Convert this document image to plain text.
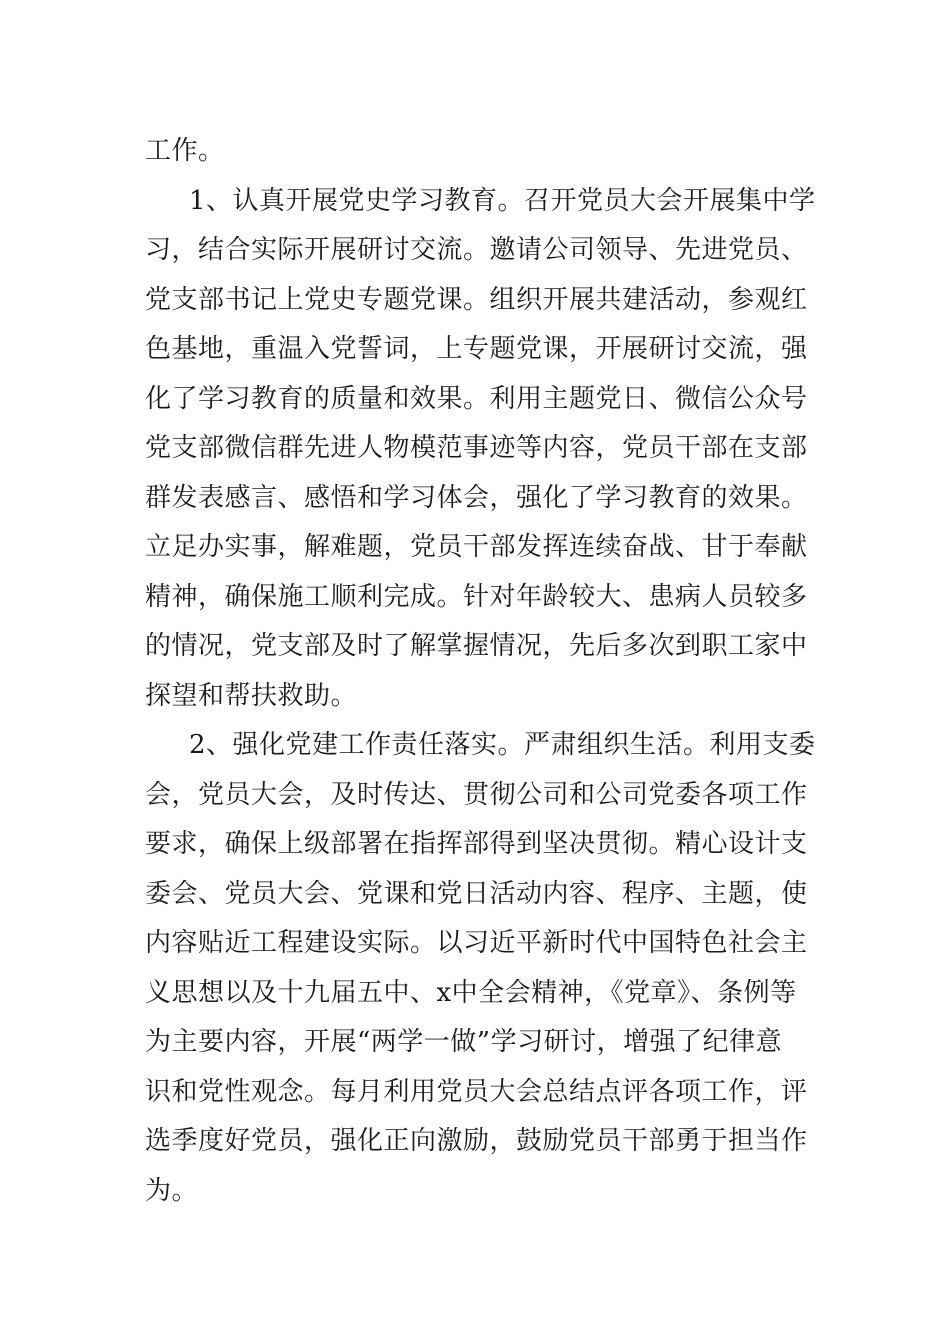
工作。
1、认真开展党史学习教育。召开党员大会开展集中学
习，结合实际开展研讨交流。邀请公司领导、先进党员、
党支部书记上党史专题党课。组织开展共建活动，参观红
色基地，重温入党誓词，上专题党课，开展研讨交流，强
化了学习教育的质量和效果。利用主题党日、微信公众号
党支部微信群先进人物模范事迹等内容，党员干部在支部
群发表感言、感悟和学习体会，强化了学习教育的效果。
立足办实事，解难题，党员干部发挥连续奋战、甘于奉献
精神，确保施工顺利完成。针对年龄较大、患病人员较多
的情况，党支部及时了解掌握情况，先后多次到职工家中
探望和帮扶救助。
2、强化党建工作责任落实。严肃组织生活。利用支委
会，党员大会，及时传达、贯彻公司和公司党委各项工作
要求，确保上级部署在指挥部得到坚决贯彻。精心设计支
委会、党员大会、党课和党日活动内容、程序、主题，使
内容贴近工程建设实际。以习近平新时代中国特色社会主
义思想以及十九届五中、x中全会精神，《党章》、条例等
为主要内容，开展“两学一做”学习研讨，增强了纪律意
识和党性观念。每月利用党员大会总结点评各项工作，评
选季度好党员，强化正向激励，鼓励党员干部勇于担当作
为。
